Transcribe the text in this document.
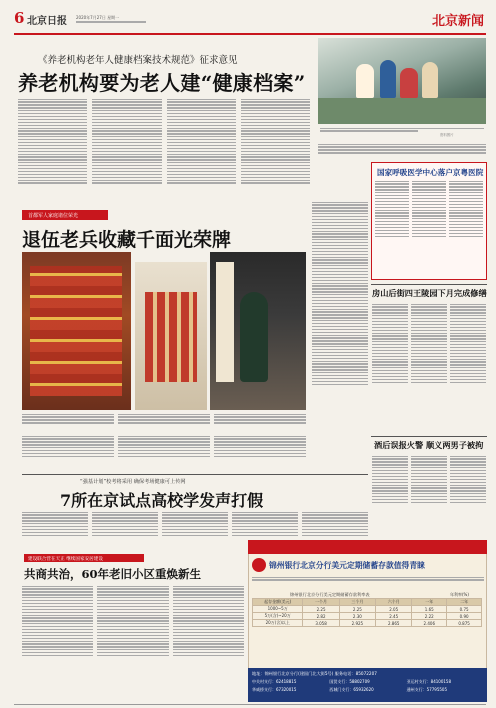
6 北京日报 2020年7月27日 星期一	北京新闻
《养老机构老年人健康档案技术规范》征求意见
养老机构要为老人建“健康档案”
资料图片
首都军人家庭诸位荣光
退伍老兵收藏千面光荣牌
国家呼吸医学中心落户京粤医院
房山后街四王陵园下月完成修缮
酒后误报火警 顺义两男子被拘
“强基计划”校考将采用 确保考场健康可上传网
7所在京试点高校学发声打假
建设联合营在天正 继续国家安居建设
共商共治，60年老旧小区重焕新生
锦州银行北京分行美元定期储蓄存款值得青睐
锦州银行北京分行美元定期储蓄存款利率表	年利率(%)
起存金额(美元)	一个月	三个月	六个月	一年	二年
1000~5万	2.25	2.25	2.05	1.65	0.75
5万(含)~20万	2.82	2.30	2.45	2.22	0.90
20万(含)以上	3.058	2.925	2.865	2.406	0.875
地址：锦州银行北京分行(建国门北大街5号) 服务电话：85072207
中关村支行：62418815	国贸支行：58802709	亚运村支行：84100158
华威桥支行：67320015	西城门支行：65932620	通州支行：57795505
